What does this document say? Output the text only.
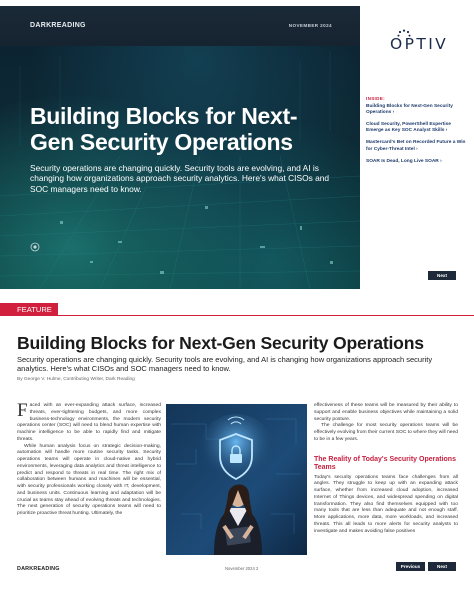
DARKREADING	NOVEMBER 2024
Building Blocks for Next-Gen Security Operations
Security operations are changing quickly. Security tools are evolving, and AI is changing how organizations approach security analytics. Here's what CISOs and SOC managers need to know.
OPTIV
INSIDE:
Building Blocks for Next-Gen Security Operations ›
Cloud Security, PowerShell Expertise Emerge as Key SOC Analyst Skills ›
Mastercard's Bet on Recorded Future a Win for Cyber-Threat Intel ›
SOAR Is Dead, Long Live SOAR ›
Next
FEATURE
Building Blocks for Next-Gen Security Operations
Security operations are changing quickly. Security tools are evolving, and AI is changing how organizations approach security analytics. Here's what CISOs and SOC managers need to know.
By George V. Hulme, Contributing Writer, Dark Reading

Faced with an ever-expanding attack surface, increased threats, ever-tightening budgets, and more complex business-technology environments, the modern security operations center (SOC) will need to blend human expertise with machine intelligence to be able to rapidly find and mitigate threats.

While human analysis focus on strategic decision-making, automation will handle more routine security tasks. Security operations teams will operate in cloud-native and hybrid environments, leveraging data analytics and threat intelligence to predict and respond to threats in real time. The right mix of collaboration between humans and machines will be essential, with security professionals working closely with IT, development, and business units. Continuous learning and adaptation will be crucial as teams stay ahead of evolving threats and technologies. The next generation of security operations teams will need to prioritize proactive threat hunting. Ultimately, the

effectiveness of these teams will be measured by their ability to support and enable business objectives while maintaining a solid security posture.

The challenge for most security operations teams will be effectively evolving from their current SOC to where they will need to be in a few years.

The Reality of Today's Security Operations Teams

Today's security operations teams face challenges from all angles. They struggle to keep up with an expanding attack surface, whether from increased cloud adoption, increased Internet of Things devices, and widespread spending on digital transformation. They also find themselves equipped with too many tools that are less than adequate and not enough staff. More applications, more data, more workloads, and increased threats. This all leads to more alerts for security analysts to investigate and makes avoiding false positives

DARKREADING	November 2024 2	Previous	Next
